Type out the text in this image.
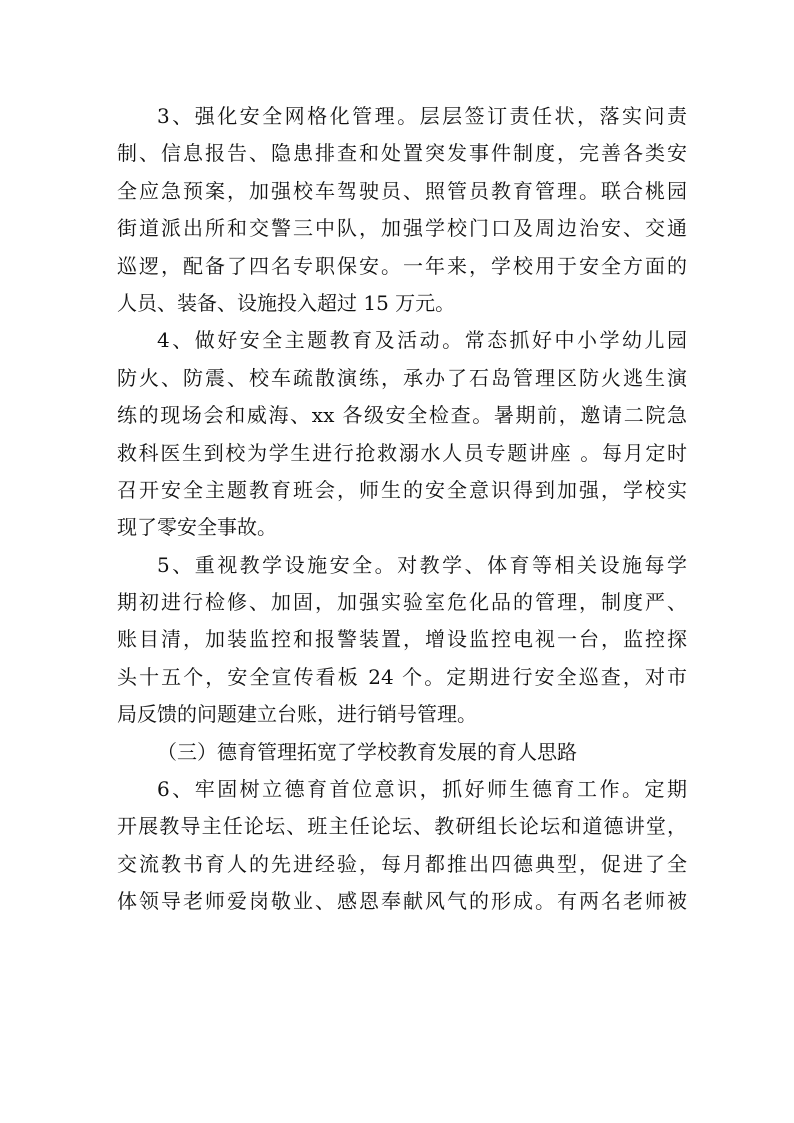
3、强化安全网格化管理。层层签订责任状，落实问责
制、信息报告、隐患排查和处置突发事件制度，完善各类安
全应急预案，加强校车驾驶员、照管员教育管理。联合桃园
街道派出所和交警三中队，加强学校门口及周边治安、交通
巡逻，配备了四名专职保安。一年来，学校用于安全方面的
人员、装备、设施投入超过 15 万元。
4、做好安全主题教育及活动。常态抓好中小学幼儿园
防火、防震、校车疏散演练，承办了石岛管理区防火逃生演
练的现场会和威海、xx 各级安全检查。暑期前，邀请二院急
救科医生到校为学生进行抢救溺水人员专题讲座 。每月定时
召开安全主题教育班会，师生的安全意识得到加强，学校实
现了零安全事故。
5、重视教学设施安全。对教学、体育等相关设施每学
期初进行检修、加固，加强实验室危化品的管理，制度严、
账目清，加装监控和报警装置，增设监控电视一台，监控探
头十五个，安全宣传看板 24 个。定期进行安全巡查，对市
局反馈的问题建立台账，进行销号管理。
（三）德育管理拓宽了学校教育发展的育人思路
6、牢固树立德育首位意识，抓好师生德育工作。定期
开展教导主任论坛、班主任论坛、教研组长论坛和道德讲堂，
交流教书育人的先进经验，每月都推出四德典型，促进了全
体领导老师爱岗敬业、感恩奉献风气的形成。有两名老师被
